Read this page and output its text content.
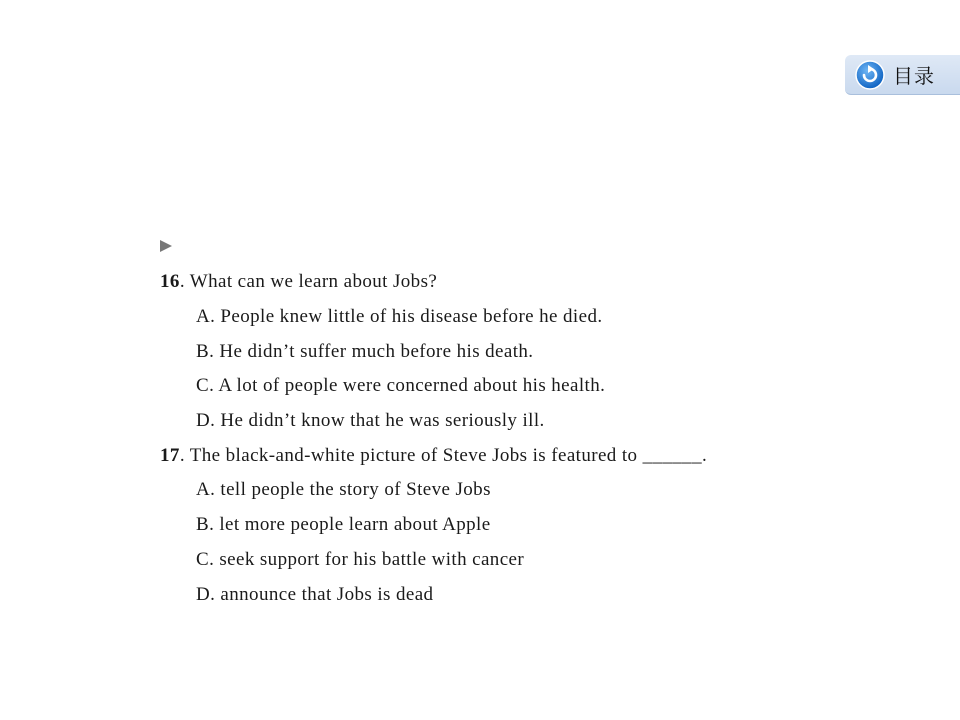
目录
16. What can we learn about Jobs?
A. People knew little of his disease before he died.
B. He didn’t suffer much before his death.
C. A lot of people were concerned about his health.
D. He didn’t know that he was seriously ill.
17. The black-and-white picture of Steve Jobs is featured to ______.
A. tell people the story of Steve Jobs
B. let more people learn about Apple
C. seek support for his battle with cancer
D. announce that Jobs is dead
